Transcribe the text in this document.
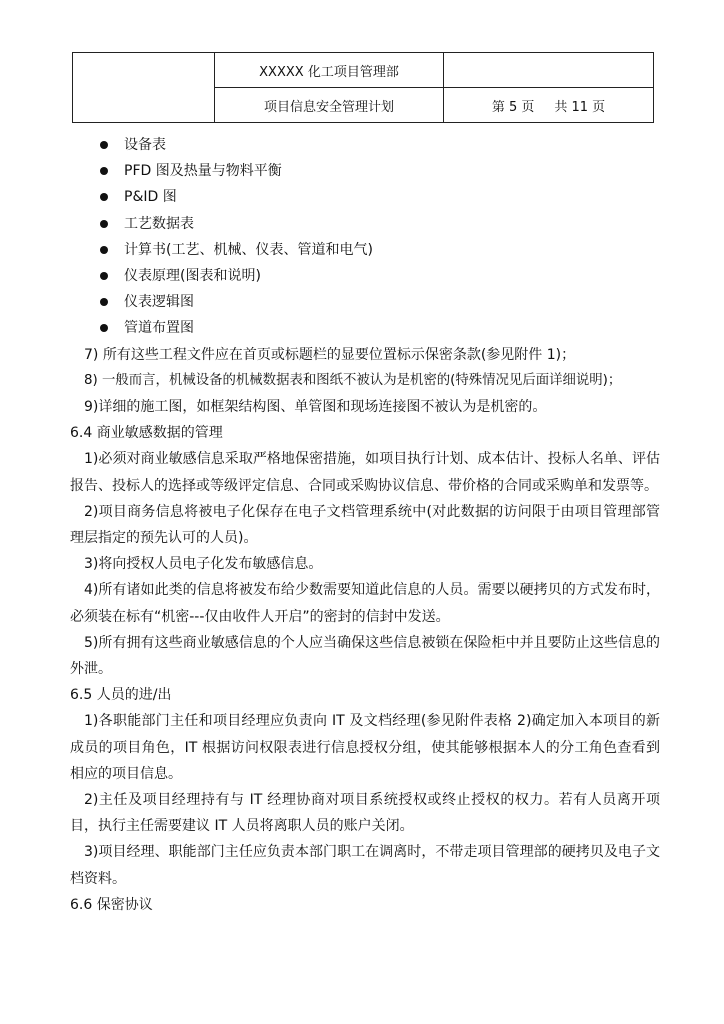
	XXXXX 化工项目管理部	
	项目信息安全管理计划	第 5 页 共 11 页
设备表
PFD 图及热量与物料平衡
P&ID 图
工艺数据表
计算书(工艺、机械、仪表、管道和电气)
仪表原理(图表和说明)
仪表逻辑图
管道布置图

7) 所有这些工程文件应在首页或标题栏的显要位置标示保密条款(参见附件 1)；

8) 一般而言，机械设备的机械数据表和图纸不被认为是机密的(特殊情况见后面详细说明)；

9)详细的施工图，如框架结构图、单管图和现场连接图不被认为是机密的。

6.4 商业敏感数据的管理

1)必须对商业敏感信息采取严格地保密措施，如项目执行计划、成本估计、投标人名单、评估报告、投标人的选择或等级评定信息、合同或采购协议信息、带价格的合同或采购单和发票等。

2)项目商务信息将被电子化保存在电子文档管理系统中(对此数据的访问限于由项目管理部管理层指定的预先认可的人员)。

3)将向授权人员电子化发布敏感信息。

4)所有诸如此类的信息将被发布给少数需要知道此信息的人员。需要以硬拷贝的方式发布时，必须装在标有“机密---仅由收件人开启”的密封的信封中发送。

5)所有拥有这些商业敏感信息的个人应当确保这些信息被锁在保险柜中并且要防止这些信息的外泄。

6.5 人员的进/出

1)各职能部门主任和项目经理应负责向 IT 及文档经理(参见附件表格 2)确定加入本项目的新成员的项目角色，IT 根据访问权限表进行信息授权分组，使其能够根据本人的分工角色查看到相应的项目信息。

2)主任及项目经理持有与 IT 经理协商对项目系统授权或终止授权的权力。若有人员离开项目，执行主任需要建议 IT 人员将离职人员的账户关闭。

3)项目经理、职能部门主任应负责本部门职工在调离时，不带走项目管理部的硬拷贝及电子文档资料。

6.6 保密协议
